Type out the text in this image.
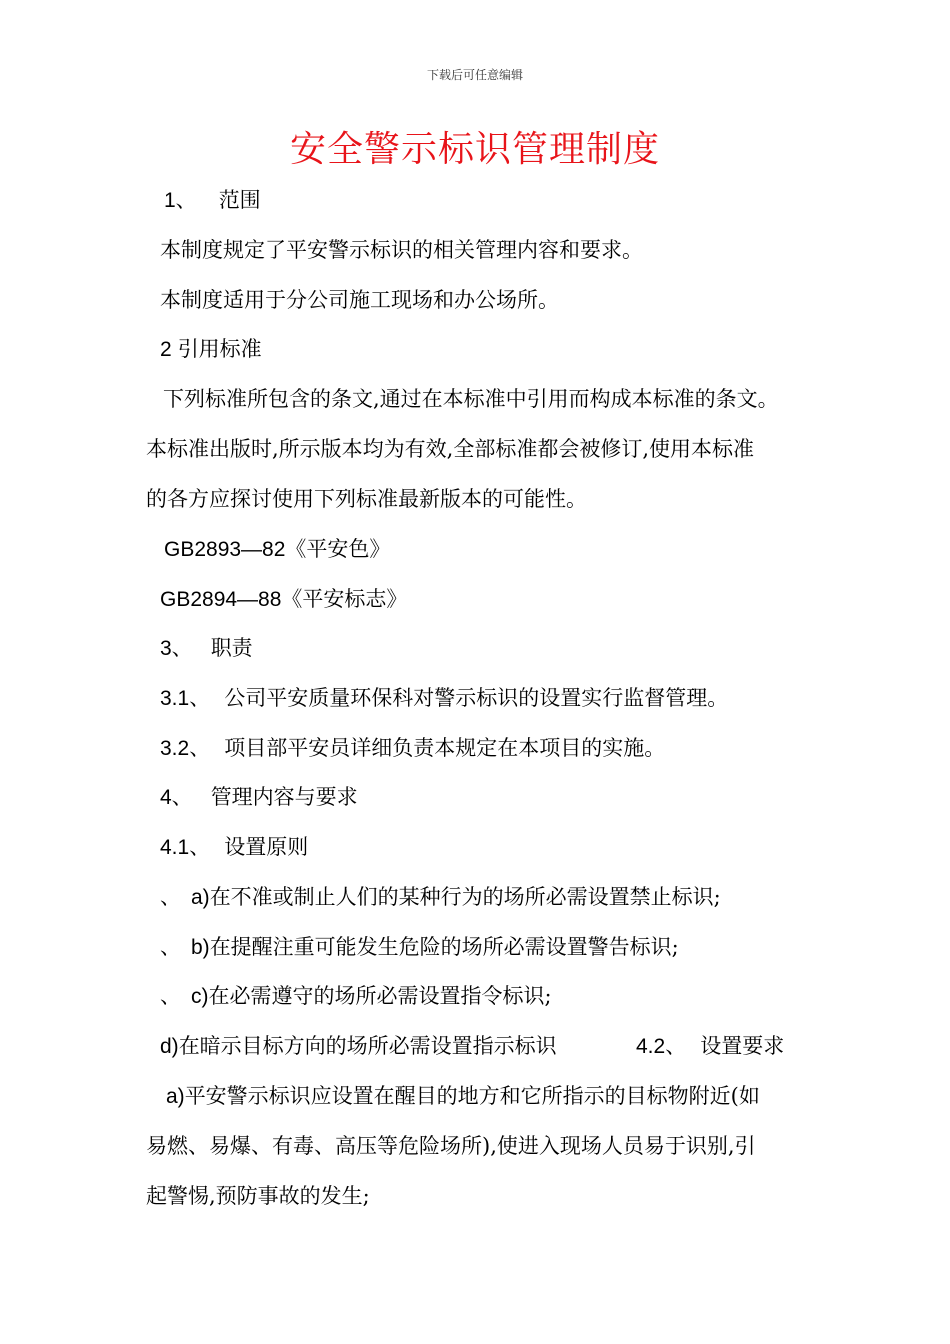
下载后可任意编辑
安全警示标识管理制度
1、 范围
本制度规定了平安警示标识的相关管理内容和要求。
本制度适用于分公司施工现场和办公场所。
2 引用标准
下列标准所包含的条文,通过在本标准中引用而构成本标准的条文。
本标准出版时,所示版本均为有效,全部标准都会被修订,使用本标准
的各方应探讨使用下列标准最新版本的可能性。
GB2893—82《平安色》
GB2894—88《平安标志》
3、 职责
3.1、 公司平安质量环保科对警示标识的设置实行监督管理。
3.2、 项目部平安员详细负责本规定在本项目的实施。
4、 管理内容与要求
4.1、 设置原则
、 a)在不准或制止人们的某种行为的场所必需设置禁止标识;
、 b)在提醒注重可能发生危险的场所必需设置警告标识;
、 c)在必需遵守的场所必需设置指令标识;
d)在暗示目标方向的场所必需设置指示标识	4.2、 设置要求
a)平安警示标识应设置在醒目的地方和它所指示的目标物附近(如
易燃、易爆、有毒、高压等危险场所),使进入现场人员易于识别,引
起警惕,预防事故的发生;
